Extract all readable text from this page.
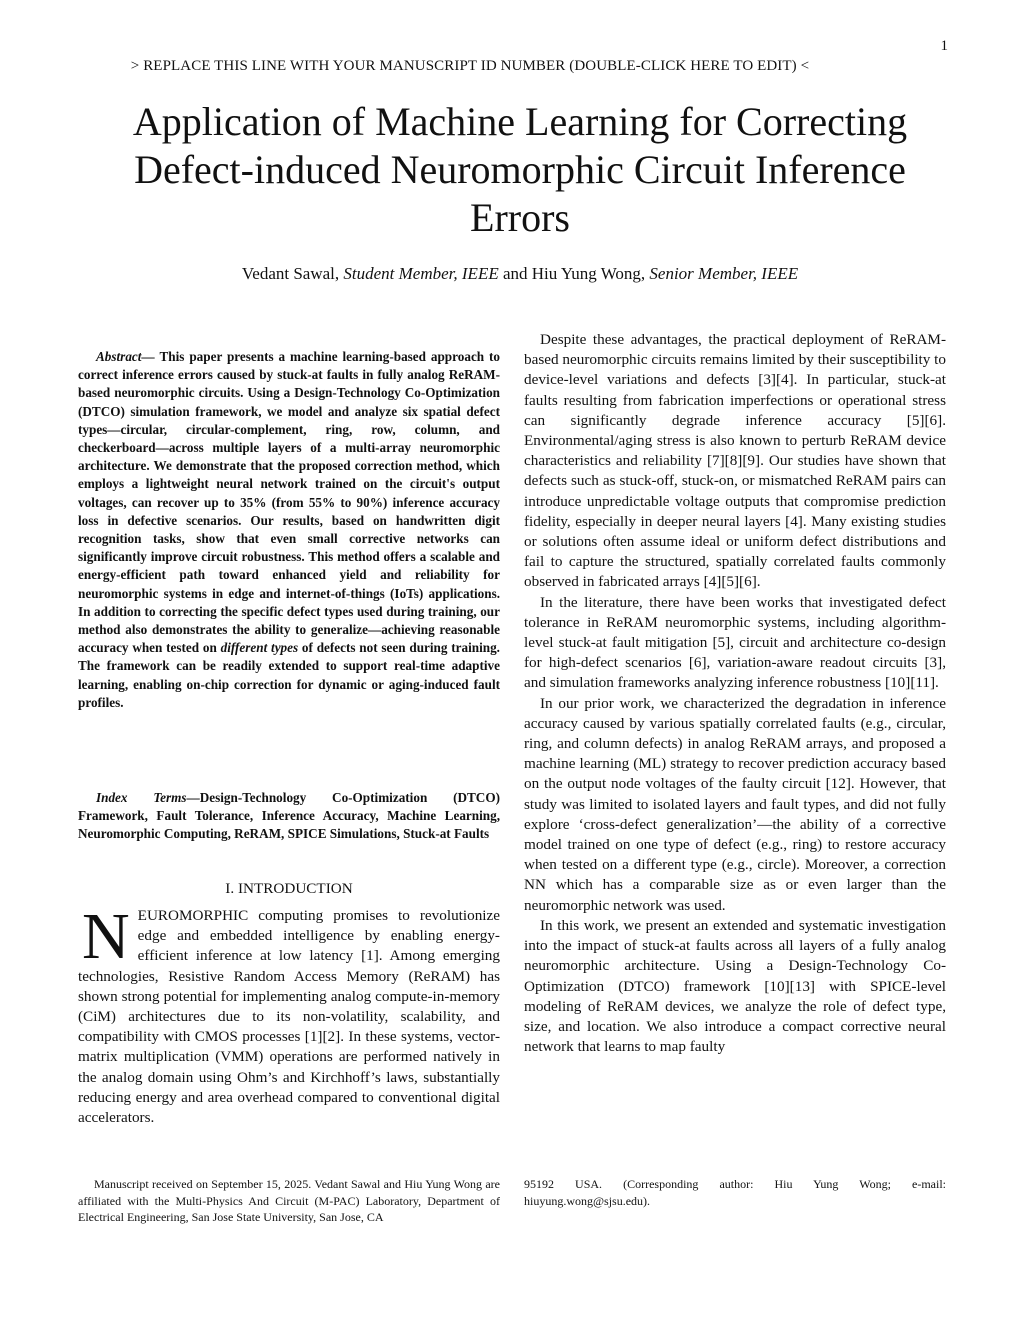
1
> REPLACE THIS LINE WITH YOUR MANUSCRIPT ID NUMBER (DOUBLE-CLICK HERE TO EDIT) <
Application of Machine Learning for Correcting Defect-induced Neuromorphic Circuit Inference Errors
Vedant Sawal, Student Member, IEEE and Hiu Yung Wong, Senior Member, IEEE

Abstract— This paper presents a machine learning-based approach to correct inference errors caused by stuck-at faults in fully analog ReRAM-based neuromorphic circuits. Using a Design-Technology Co-Optimization (DTCO) simulation framework, we model and analyze six spatial defect types—circular, circular-complement, ring, row, column, and checkerboard—across multiple layers of a multi-array neuromorphic architecture. We demonstrate that the proposed correction method, which employs a lightweight neural network trained on the circuit's output voltages, can recover up to 35% (from 55% to 90%) inference accuracy loss in defective scenarios. Our results, based on handwritten digit recognition tasks, show that even small corrective networks can significantly improve circuit robustness. This method offers a scalable and energy-efficient path toward enhanced yield and reliability for neuromorphic systems in edge and internet-of-things (IoTs) applications. In addition to correcting the specific defect types used during training, our method also demonstrates the ability to generalize—achieving reasonable accuracy when tested on different types of defects not seen during training. The framework can be readily extended to support real-time adaptive learning, enabling on-chip correction for dynamic or aging-induced fault profiles.

Index Terms—Design-Technology Co-Optimization (DTCO) Framework, Fault Tolerance, Inference Accuracy, Machine Learning, Neuromorphic Computing, ReRAM, SPICE Simulations, Stuck-at Faults

I. INTRODUCTION

NEUROMORPHIC computing promises to revolutionize edge and embedded intelligence by enabling energy-efficient inference at low latency [1]. Among emerging technologies, Resistive Random Access Memory (ReRAM) has shown strong potential for implementing analog compute-in-memory (CiM) architectures due to its non-volatility, scalability, and compatibility with CMOS processes [1][2]. In these systems, vector-matrix multiplication (VMM) operations are performed natively in the analog domain using Ohm’s and Kirchhoff’s laws, substantially reducing energy and area overhead compared to conventional digital accelerators.

Despite these advantages, the practical deployment of ReRAM-based neuromorphic circuits remains limited by their susceptibility to device-level variations and defects [3][4]. In particular, stuck-at faults resulting from fabrication imperfections or operational stress can significantly degrade inference accuracy [5][6]. Environmental/aging stress is also known to perturb ReRAM device characteristics and reliability [7][8][9]. Our studies have shown that defects such as stuck-off, stuck-on, or mismatched ReRAM pairs can introduce unpredictable voltage outputs that compromise prediction fidelity, especially in deeper neural layers [4]. Many existing studies or solutions often assume ideal or uniform defect distributions and fail to capture the structured, spatially correlated faults commonly observed in fabricated arrays [4][5][6].

In the literature, there have been works that investigated defect tolerance in ReRAM neuromorphic systems, including algorithm-level stuck-at fault mitigation [5], circuit and architecture co-design for high-defect scenarios [6], variation-aware readout circuits [3], and simulation frameworks analyzing inference robustness [10][11].

In our prior work, we characterized the degradation in inference accuracy caused by various spatially correlated faults (e.g., circular, ring, and column defects) in analog ReRAM arrays, and proposed a machine learning (ML) strategy to recover prediction accuracy based on the output node voltages of the faulty circuit [12]. However, that study was limited to isolated layers and fault types, and did not fully explore ‘cross-defect generalization’—the ability of a corrective model trained on one type of defect (e.g., ring) to restore accuracy when tested on a different type (e.g., circle). Moreover, a correction NN which has a comparable size as or even larger than the neuromorphic network was used.

In this work, we present an extended and systematic investigation into the impact of stuck-at faults across all layers of a fully analog neuromorphic architecture. Using a Design-Technology Co-Optimization (DTCO) framework [10][13] with SPICE-level modeling of ReRAM devices, we analyze the role of defect type, size, and location. We also introduce a compact corrective neural network that learns to map faulty

Manuscript received on September 15, 2025. Vedant Sawal and Hiu Yung Wong are affiliated with the Multi-Physics And Circuit (M-PAC) Laboratory, Department of Electrical Engineering, San Jose State University, San Jose, CA

95192 USA. (Corresponding author: Hiu Yung Wong; e-mail: hiuyung.wong@sjsu.edu).
